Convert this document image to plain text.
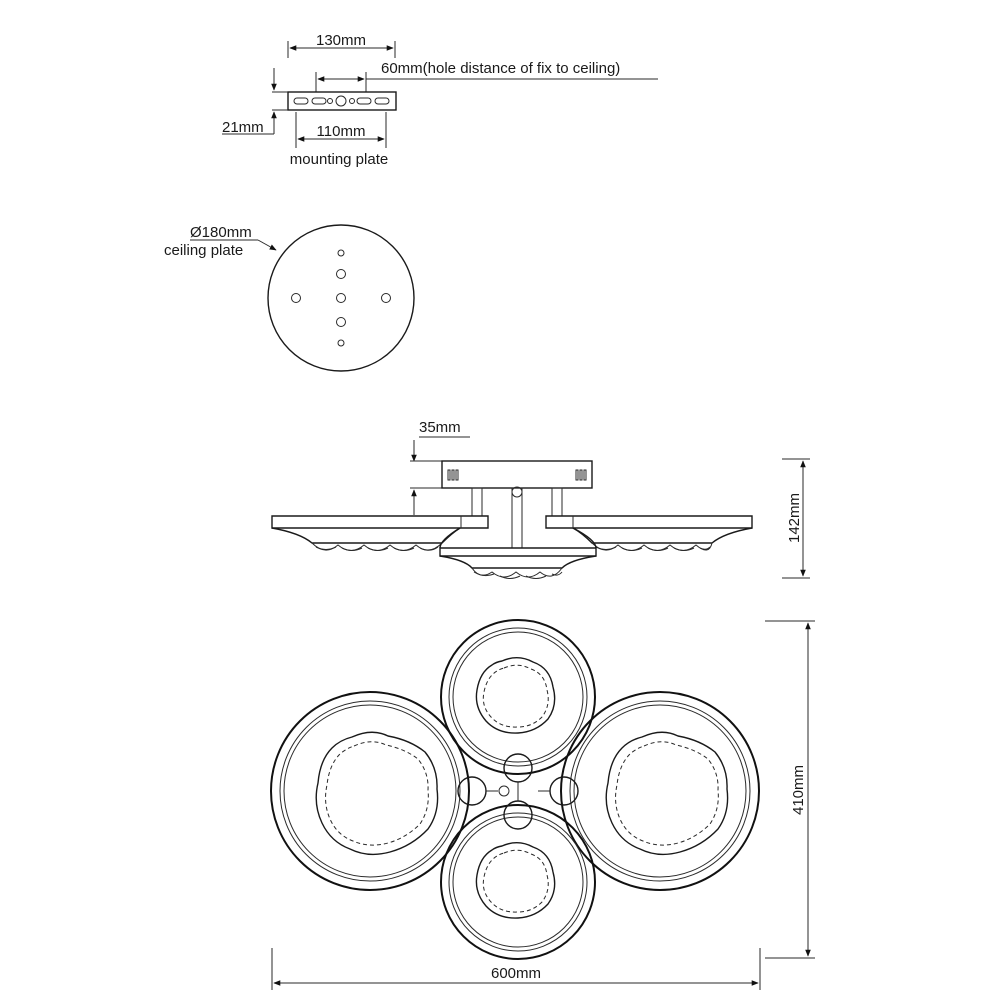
130mm
60mm(hole distance of fix to ceiling)
21mm	110mm
mounting plate
Ø180mm
ceiling plate
35mm
142mm
410mm
600mm
